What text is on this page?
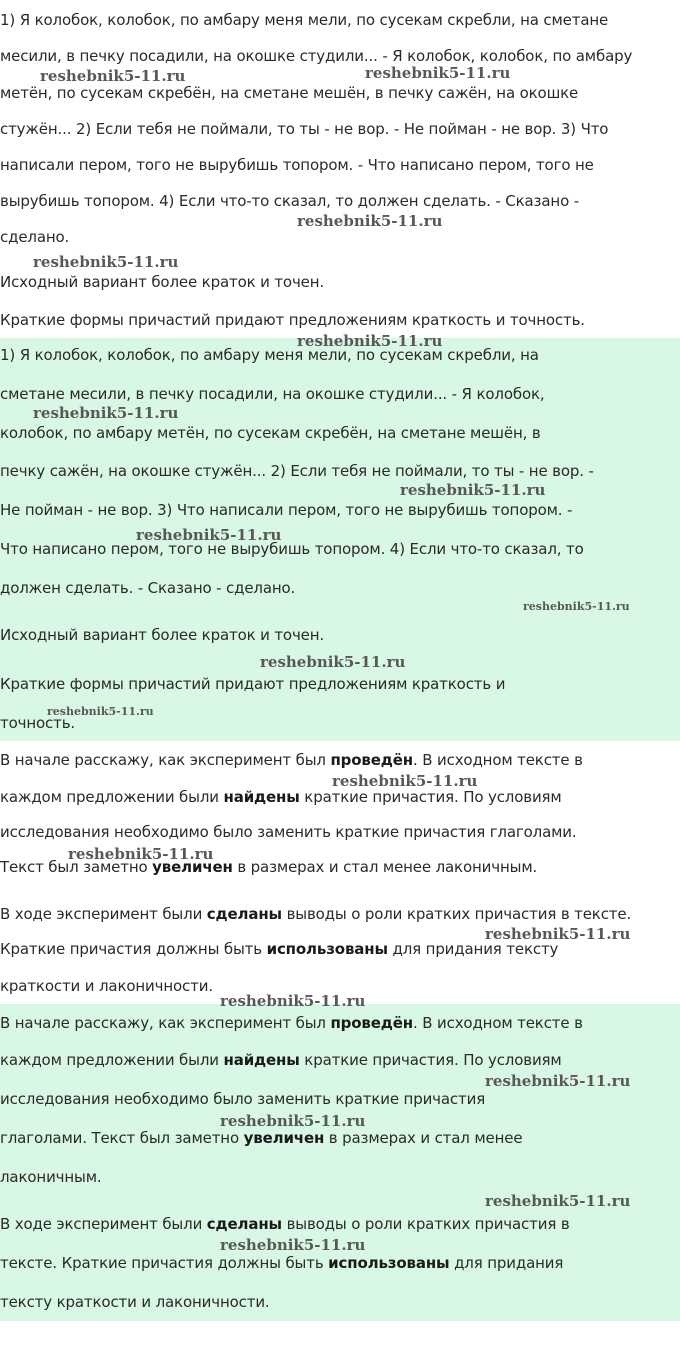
1) Я колобок, колобок, по амбару меня мели, по сусекам скребли, на сметане
месили, в печку посадили, на окошке студили... - Я колобок, колобок, по амбару
метён, по сусекам скребён, на сметане мешён, в печку сажён, на окошке
стужён... 2) Если тебя не поймали, то ты - не вор. - Не пойман - не вор. 3) Что
написали пером, того не вырубишь топором. - Что написано пером, того не
вырубишь топором. 4) Если что-то сказал, то должен сделать. - Сказано -
сделано.
Исходный вариант более краток и точен.
Краткие формы причастий придают предложениям краткость и точность.
1) Я колобок, колобок, по амбару меня мели, по сусекам скребли, на
сметане месили, в печку посадили, на окошке студили... - Я колобок,
колобок, по амбару метён, по сусекам скребён, на сметане мешён, в
печку сажён, на окошке стужён... 2) Если тебя не поймали, то ты - не вор. -
Не пойман - не вор. 3) Что написали пером, того не вырубишь топором. -
Что написано пером, того не вырубишь топором. 4) Если что-то сказал, то
должен сделать. - Сказано - сделано.
Исходный вариант более краток и точен.
Краткие формы причастий придают предложениям краткость и
точность.
В начале расскажу, как эксперимент был проведён. В исходном тексте в
каждом предложении были найдены краткие причастия. По условиям
исследования необходимо было заменить краткие причастия глаголами.
Текст был заметно увеличен в размерах и стал менее лаконичным.
В ходе эксперимент были сделаны выводы о роли кратких причастия в тексте.
Краткие причастия должны быть использованы для придания тексту
краткости и лаконичности.
В начале расскажу, как эксперимент был проведён. В исходном тексте в
каждом предложении были найдены краткие причастия. По условиям
исследования необходимо было заменить краткие причастия
глаголами. Текст был заметно увеличен в размерах и стал менее
лаконичным.
В ходе эксперимент были сделаны выводы о роли кратких причастия в
тексте. Краткие причастия должны быть использованы для придания
тексту краткости и лаконичности.
reshebnik5-11.ru	reshebnik5-11.ru
reshebnik5-11.ru
reshebnik5-11.ru
reshebnik5-11.ru
reshebnik5-11.ru
reshebnik5-11.ru
reshebnik5-11.ru
reshebnik5-11.ru
reshebnik5-11.ru
reshebnik5-11.ru
reshebnik5-11.ru
reshebnik5-11.ru
reshebnik5-11.ru
reshebnik5-11.ru
reshebnik5-11.ru
reshebnik5-11.ru
reshebnik5-11.ru
reshebnik5-11.ru
